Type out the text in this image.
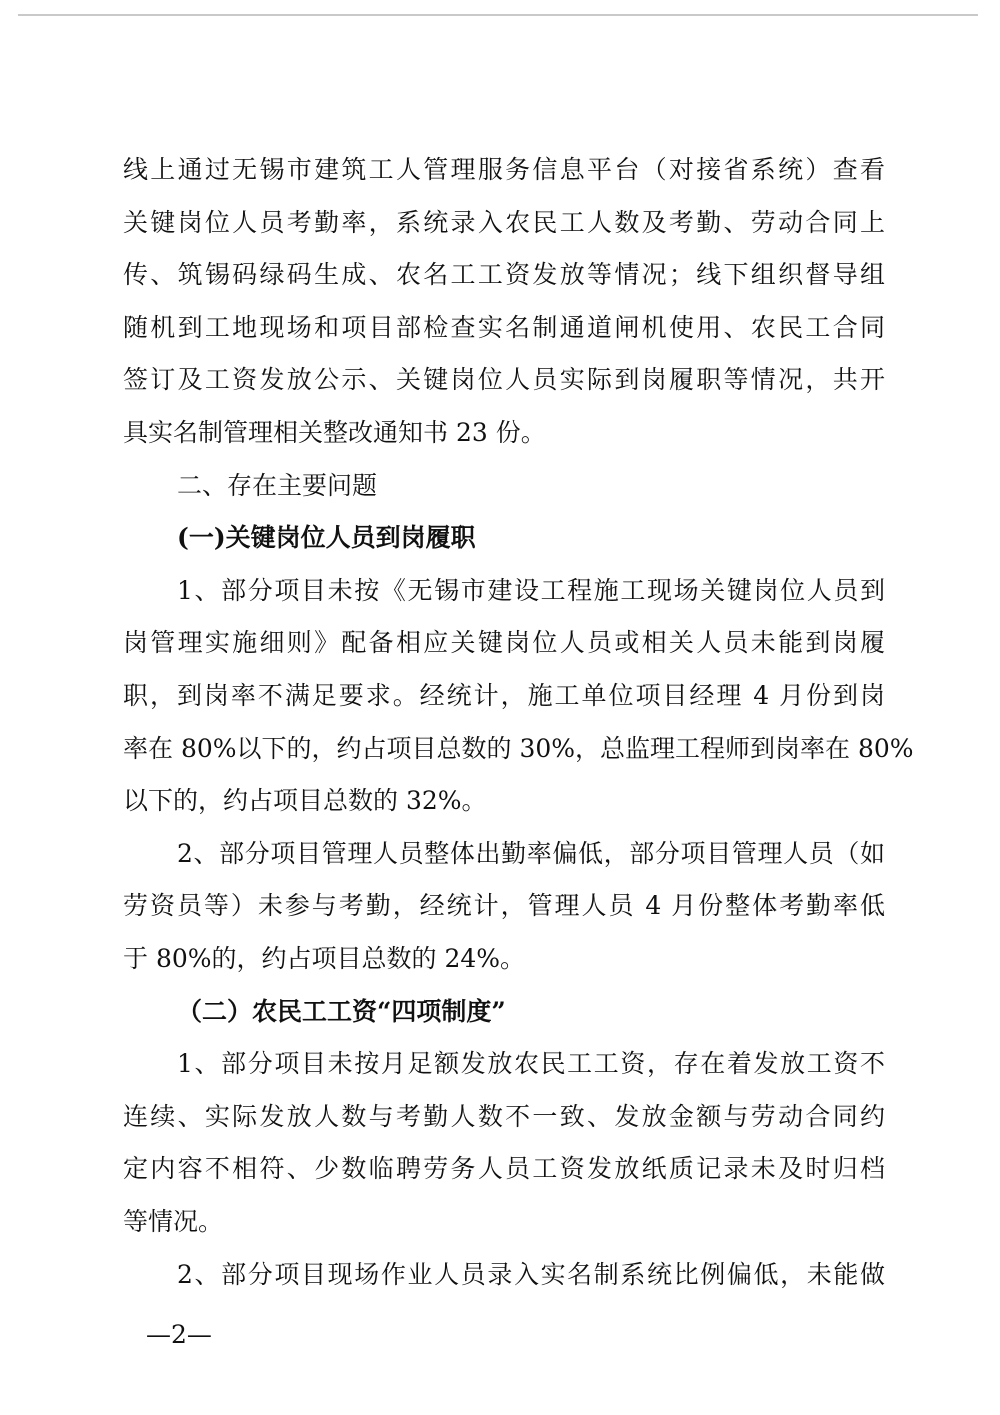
线上通过无锡市建筑工人管理服务信息平台（对接省系统）查看
关键岗位人员考勤率，系统录入农民工人数及考勤、劳动合同上
传、筑锡码绿码生成、农名工工资发放等情况；线下组织督导组
随机到工地现场和项目部检查实名制通道闸机使用、农民工合同
签订及工资发放公示、关键岗位人员实际到岗履职等情况，共开
具实名制管理相关整改通知书 23 份。
二、存在主要问题
(一)关键岗位人员到岗履职
1、部分项目未按《无锡市建设工程施工现场关键岗位人员到
岗管理实施细则》配备相应关键岗位人员或相关人员未能到岗履
职，到岗率不满足要求。经统计，施工单位项目经理 4 月份到岗
率在 80%以下的，约占项目总数的 30%，总监理工程师到岗率在 80%
以下的，约占项目总数的 32%。
2、部分项目管理人员整体出勤率偏低，部分项目管理人员（如
劳资员等）未参与考勤，经统计，管理人员 4 月份整体考勤率低
于 80%的，约占项目总数的 24%。
（二）农民工工资“四项制度”
1、部分项目未按月足额发放农民工工资，存在着发放工资不
连续、实际发放人数与考勤人数不一致、发放金额与劳动合同约
定内容不相符、少数临聘劳务人员工资发放纸质记录未及时归档
等情况。
2、部分项目现场作业人员录入实名制系统比例偏低，未能做
—2—
